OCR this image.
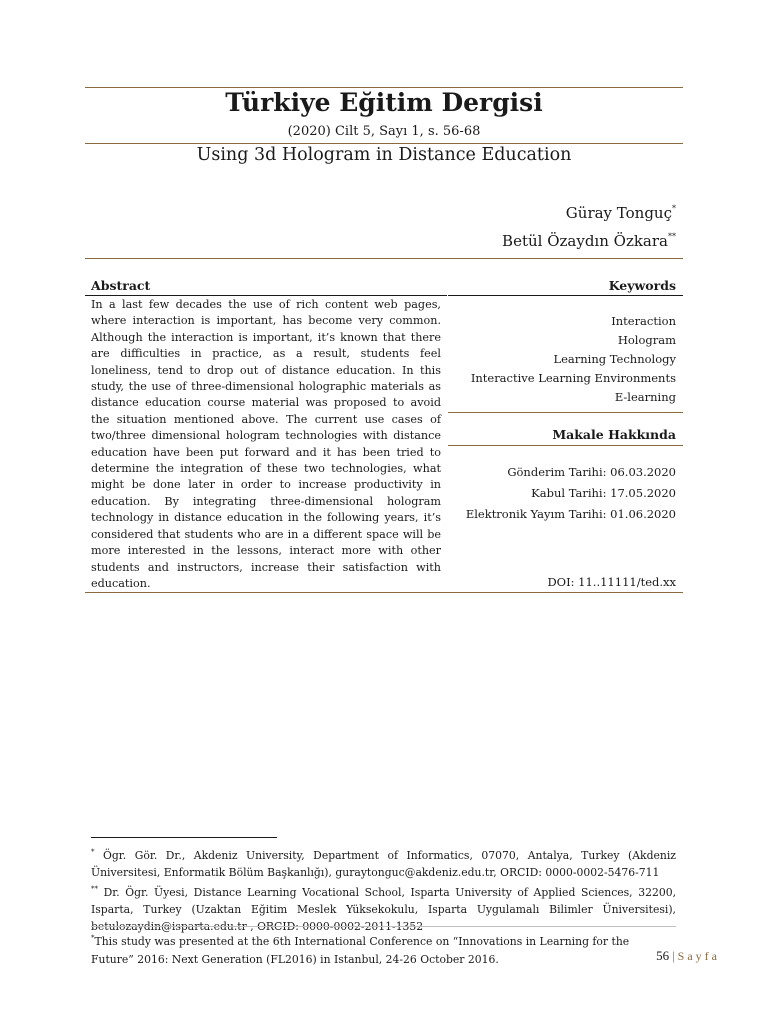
Türkiye Eğitim Dergisi
(2020) Cilt 5, Sayı 1, s. 56-68
Using 3d Hologram in Distance Education
Güray Tonguç*
Betül Özaydın Özkara**
Abstract
In a last few decades the use of rich content web pages, where interaction is important, has become very common. Although the interaction is important, it’s known that there are difficulties in practice, as a result, students feel loneliness, tend to drop out of distance education. In this study, the use of three-dimensional holographic materials as distance education course material was proposed to avoid the situation mentioned above. The current use cases of two/three dimensional hologram technologies with distance education have been put forward and it has been tried to determine the integration of these two technologies, what might be done later in order to increase productivity in education. By integrating three-dimensional hologram technology in distance education in the following years, it’s considered that students who are in a different space will be more interested in the lessons, interact more with other students and instructors, increase their satisfaction with education.
Keywords
Interaction
Hologram
Learning Technology
Interactive Learning Environments
E-learning
Makale Hakkında
Gönderim Tarihi: 06.03.2020
Kabul Tarihi: 17.05.2020
Elektronik Yayım Tarihi: 01.06.2020
DOI: 11..11111/ted.xx

* Ögr. Gör. Dr., Akdeniz University, Department of Informatics, 07070, Antalya, Turkey (Akdeniz Üniversitesi, Enformatik Bölüm Başkanlığı), guraytonguc@akdeniz.edu.tr, ORCID: 0000-0002-5476-711

** Dr. Ögr. Üyesi, Distance Learning Vocational School, Isparta University of Applied Sciences, 32200, Isparta, Turkey (Uzaktan Eğitim Meslek Yüksekokulu, Isparta Uygulamalı Bilimler Üniversitesi), betulozaydin@isparta.edu.tr , ORCID: 0000-0002-2011-1352

*This study was presented at the 6th International Conference on “Innovations in Learning for the Future” 2016: Next Generation (FL2016) in Istanbul, 24-26 October 2016.	56 | Sayfa
